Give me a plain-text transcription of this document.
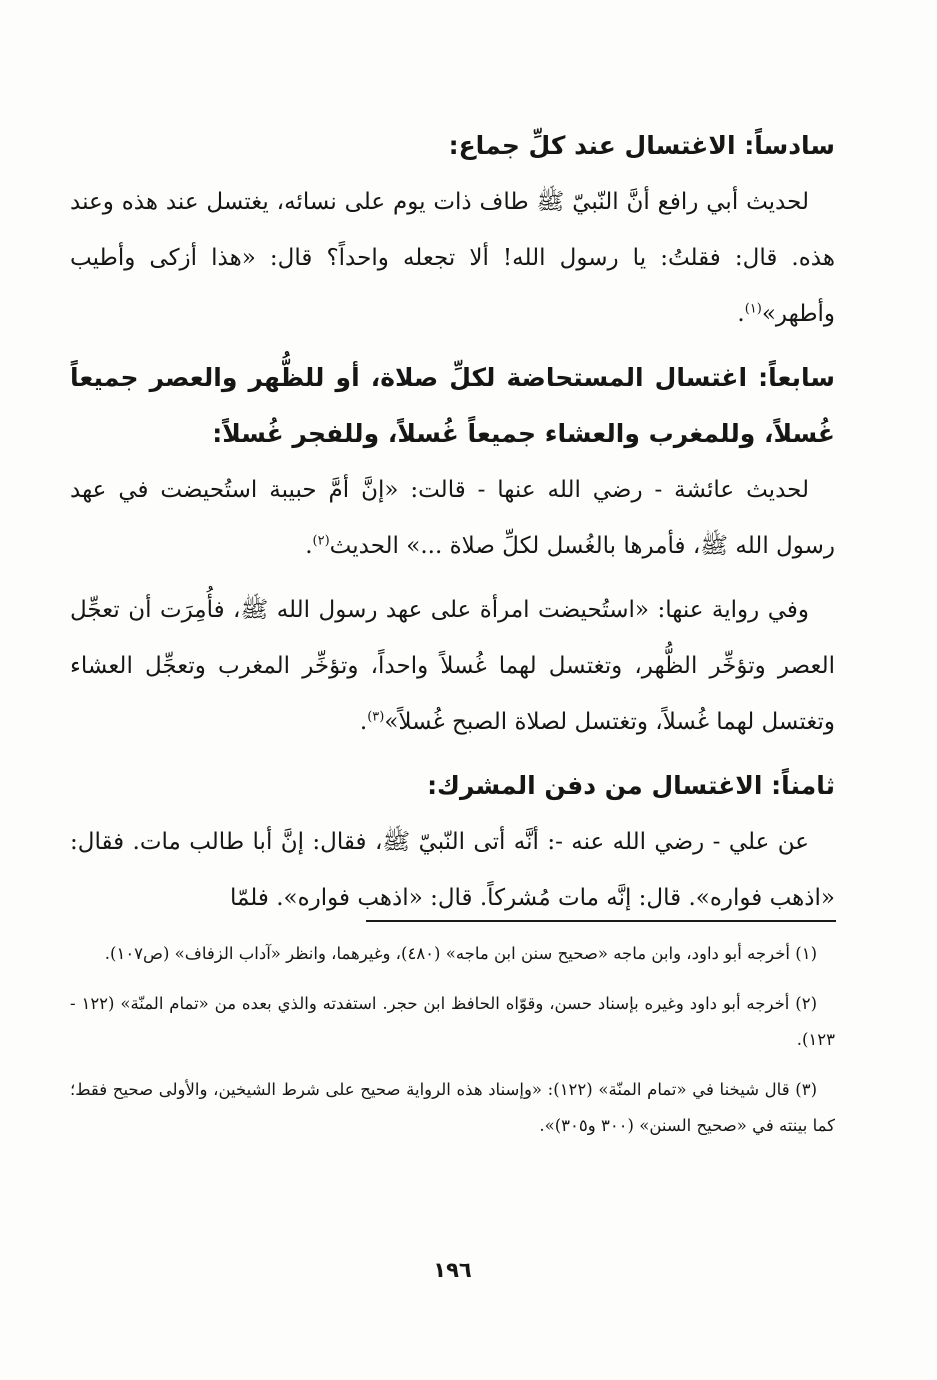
سادساً: الاغتسال عند كلِّ جماع:

لحديث أبي رافع أنَّ النّبيّ ﷺ طاف ذات يوم على نسائه، يغتسل عند هذه وعند هذه. قال: فقلتُ: يا رسول الله! ألا تجعله واحداً؟ قال: «هذا أزكى وأطيب وأطهر»$^{(١)}$.

سابعاً: اغتسال المستحاضة لكلِّ صلاة، أو للظُّهر والعصر جميعاً غُسلاً، وللمغرب والعشاء جميعاً غُسلاً، وللفجر غُسلاً:

لحديث عائشة - رضي الله عنها - قالت: «إنَّ أمَّ حبيبة استُحيضت في عهد رسول الله ﷺ، فأمرها بالغُسل لكلِّ صلاة ...» الحديث$^{(٢)}$.

وفي رواية عنها: «استُحيضت امرأة على عهد رسول الله ﷺ، فأُمِرَت أن تعجِّل العصر وتؤخِّر الظُّهر، وتغتسل لهما غُسلاً واحداً، وتؤخِّر المغرب وتعجِّل العشاء وتغتسل لهما غُسلاً، وتغتسل لصلاة الصبح غُسلاً»$^{(٣)}$.

ثامناً: الاغتسال من دفن المشرك:

عن علي - رضي الله عنه -: أنَّه أتى النّبيّ ﷺ، فقال: إنَّ أبا طالب مات. فقال: «اذهب فواره». قال: إنَّه مات مُشركاً. قال: «اذهب فواره». فلمّا

(١) أخرجه أبو داود، وابن ماجه «صحيح سنن ابن ماجه» (٤٨٠)، وغيرهما، وانظر «آداب الزفاف» (ص١٠٧).

(٢) أخرجه أبو داود وغيره بإسناد حسن، وقوّاه الحافظ ابن حجر. استفدته والذي بعده من «تمام المنّة» (١٢٢ - ١٢٣).

(٣) قال شيخنا في «تمام المنّة» (١٢٢): «وإسناد هذه الرواية صحيح على شرط الشيخين، والأولى صحيح فقط؛ كما بينته في «صحيح السنن» (٣٠٠ و٣٠٥)».

١٩٦
